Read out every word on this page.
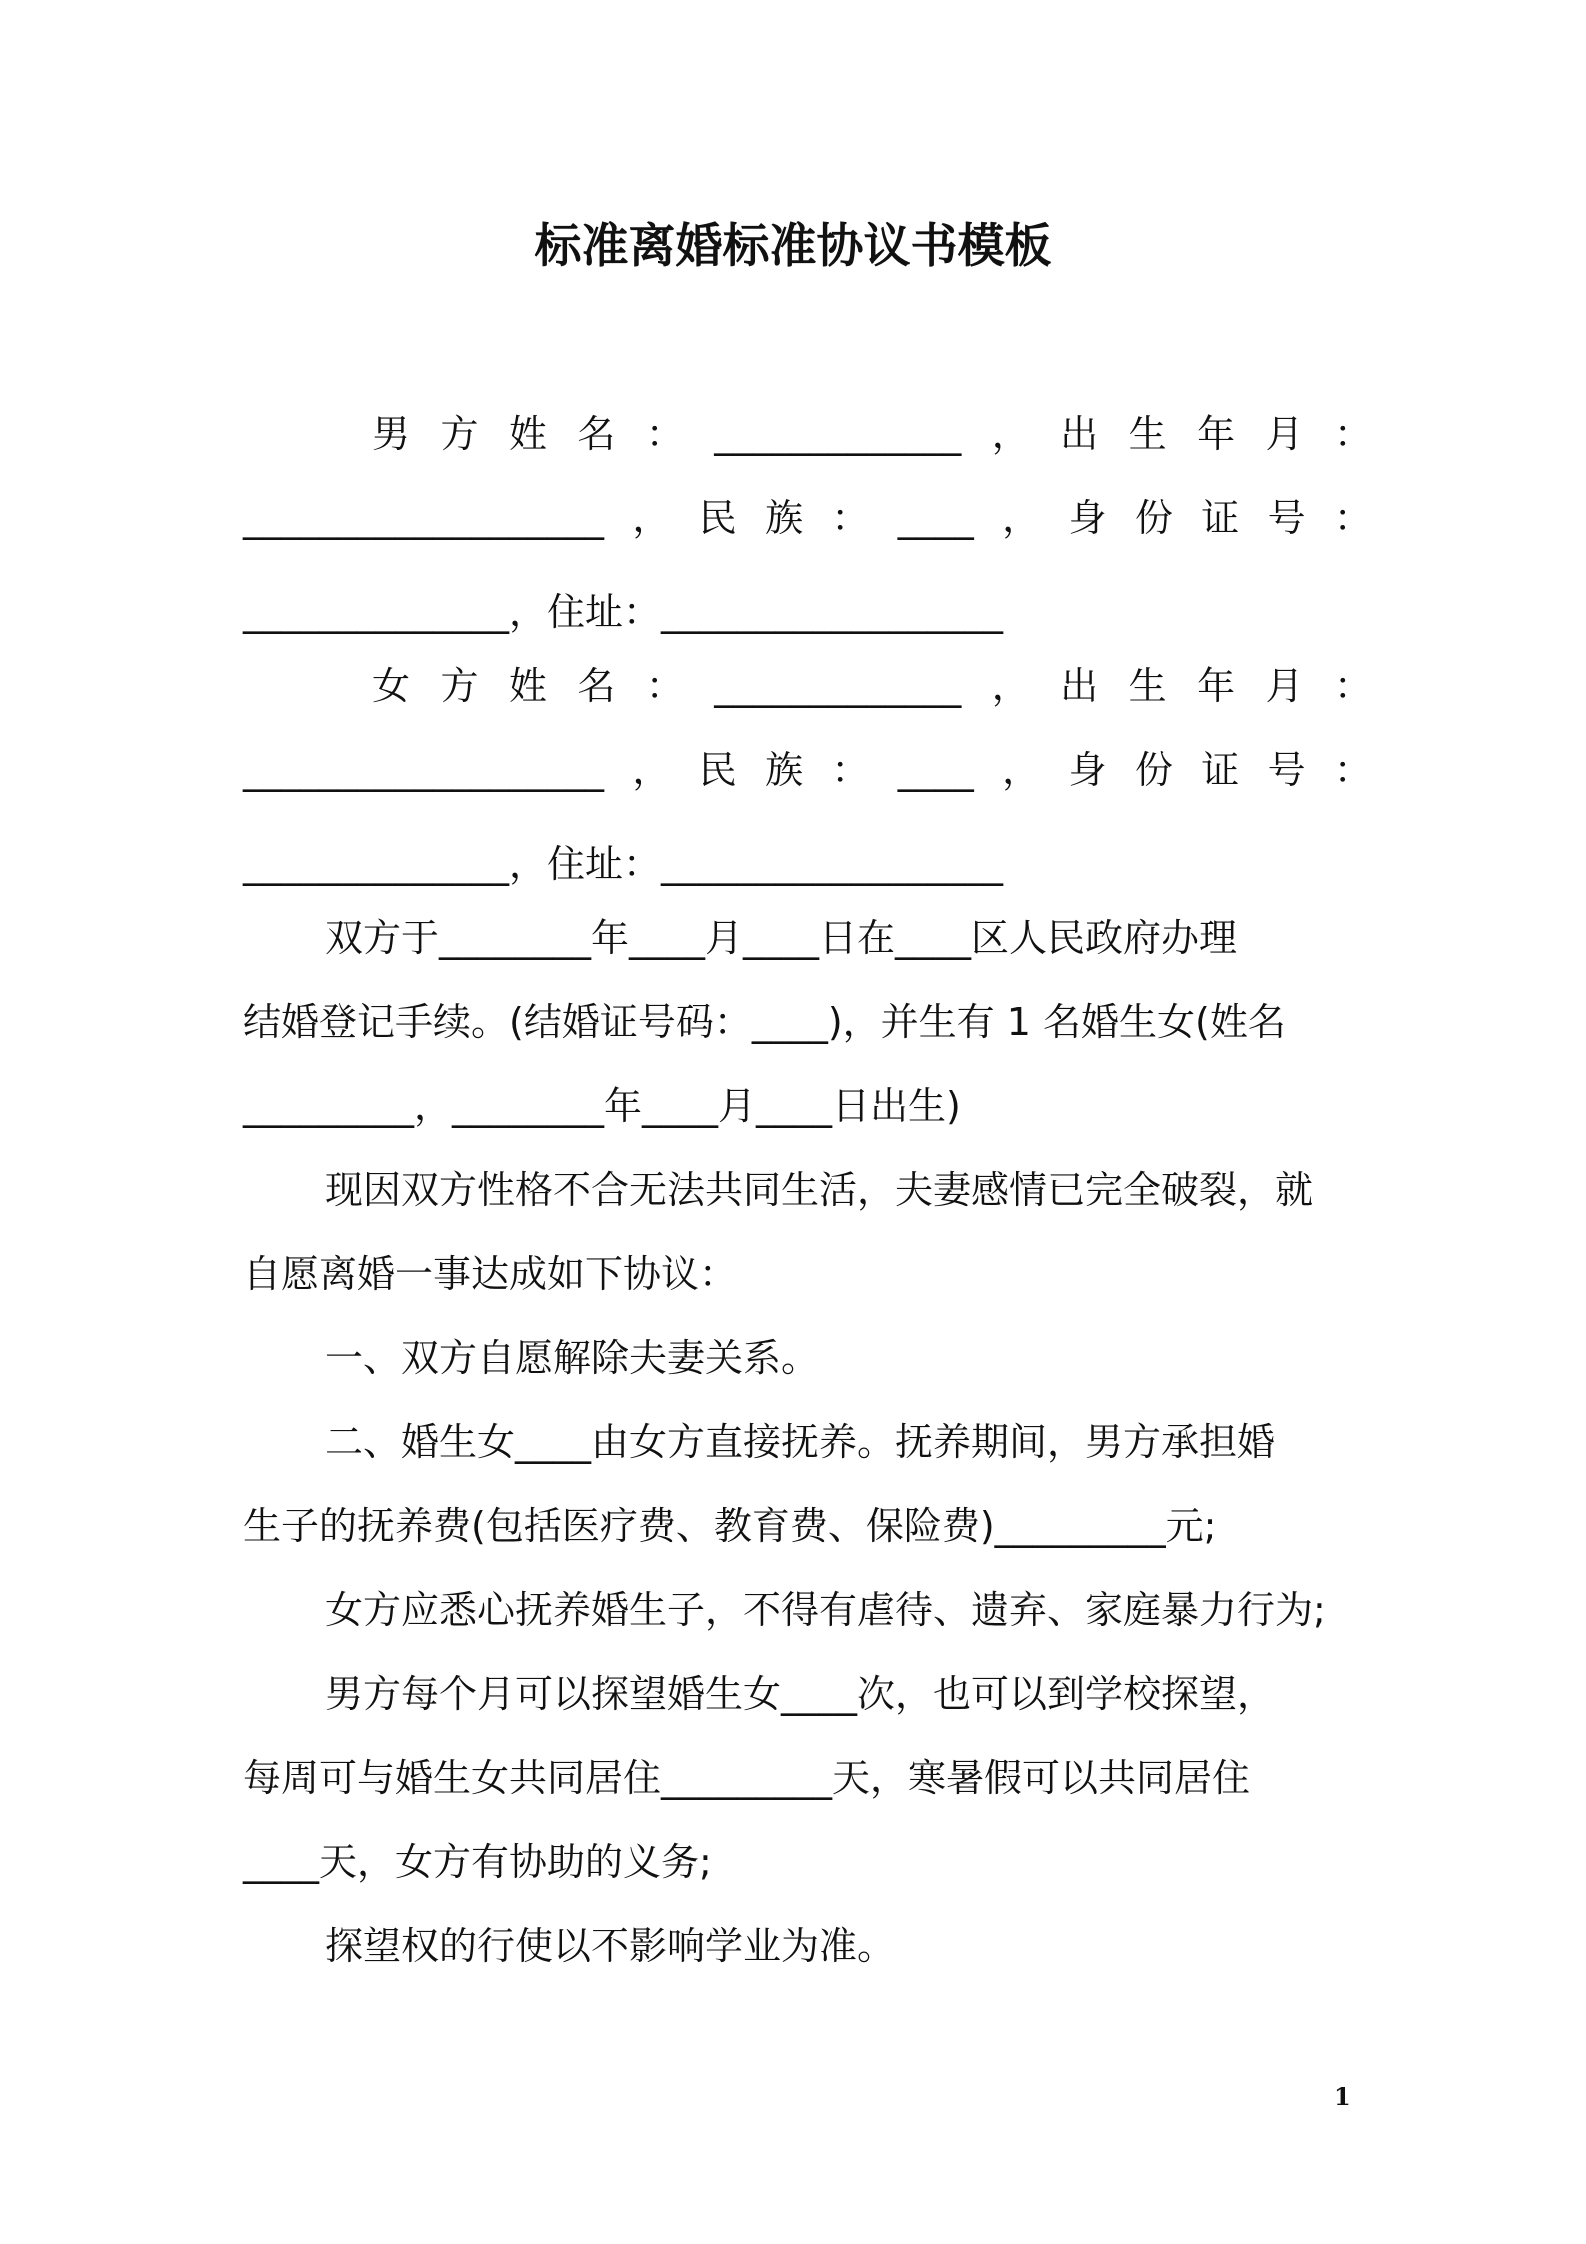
标准离婚标准协议书模板
男 方 姓 名 ： _____________ ， 出 生 年 月 ：
___________________ ， 民 族 ： ____ ， 身 份 证 号 ：
______________，住址：__________________
女 方 姓 名 ： _____________ ， 出 生 年 月 ：
___________________ ， 民 族 ： ____ ， 身 份 证 号 ：
______________，住址：__________________
双方于________年____月____日在____区人民政府办理
结婚登记手续。(结婚证号码：____)，并生有 1 名婚生女(姓名
_________，________年____月____日出生)
现因双方性格不合无法共同生活，夫妻感情已完全破裂，就
自愿离婚一事达成如下协议：
一、双方自愿解除夫妻关系。
二、婚生女____由女方直接抚养。抚养期间，男方承担婚
生子的抚养费(包括医疗费、教育费、保险费)_________元;
女方应悉心抚养婚生子，不得有虐待、遗弃、家庭暴力行为;
男方每个月可以探望婚生女____次，也可以到学校探望，
每周可与婚生女共同居住_________天，寒暑假可以共同居住
____天，女方有协助的义务;
探望权的行使以不影响学业为准。
1
